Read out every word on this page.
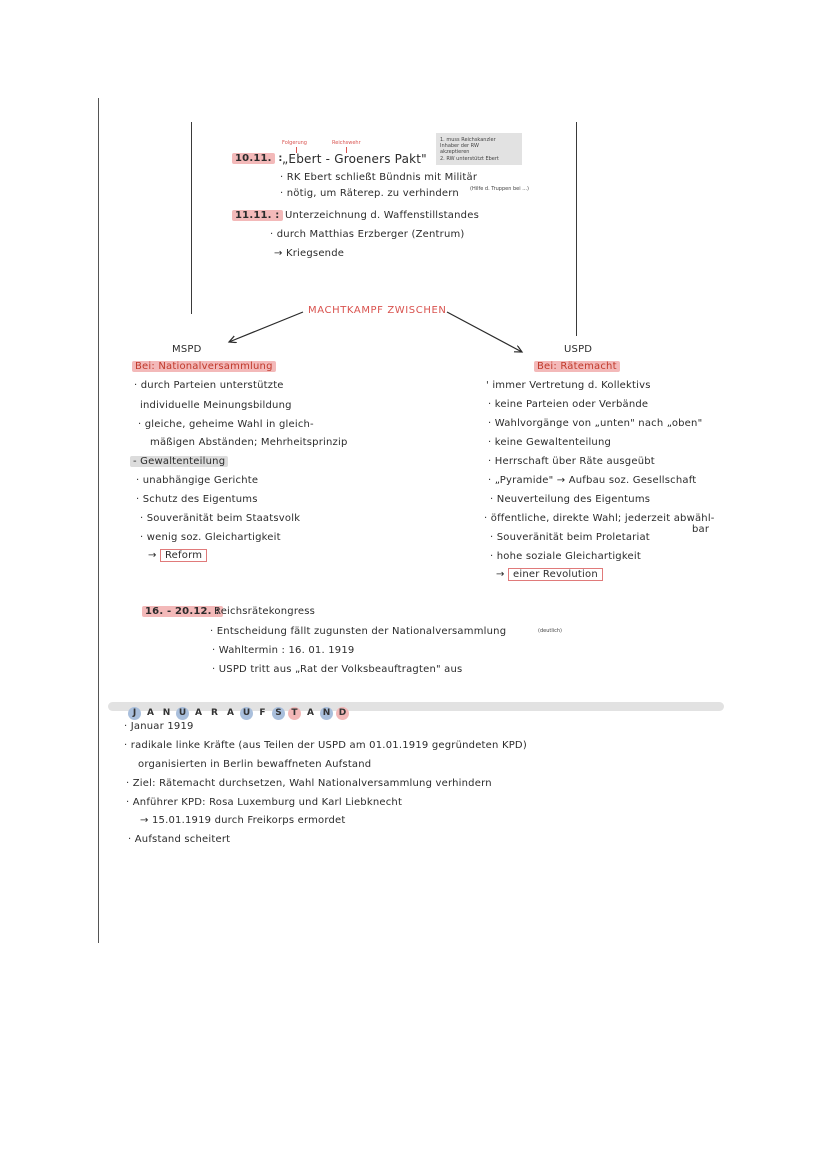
Folgerung	Reichswehr
10.11. : „Ebert - Groeners Pakt"
· RK Ebert schließt Bündnis mit Militär
· nötig, um Räterep. zu verhindern (Hilfe d. Truppen bei ...)
1. muss Reichskanzler
Inhaber der RW
akzeptieren
2. RW unterstützt Ebert
11.11. : Unterzeichnung d. Waffenstillstandes
· durch Matthias Erzberger (Zentrum)
→ Kriegsende
MACHTKAMPF ZWISCHEN
MSPD
Bei: Nationalversammlung
· durch Parteien unterstützte
individuelle Meinungsbildung
· gleiche, geheime Wahl in gleich-
mäßigen Abständen; Mehrheitsprinzip
- Gewaltenteilung
· unabhängige Gerichte
· Schutz des Eigentums
· Souveränität beim Staatsvolk
· wenig soz. Gleichartigkeit
→ Reform
USPD
Bei: Rätemacht
' immer Vertretung d. Kollektivs
· keine Parteien oder Verbände
· Wahlvorgänge von „unten" nach „oben"
· keine Gewaltenteilung
· Herrschaft über Räte ausgeübt
· „Pyramide" → Aufbau soz. Gesellschaft
· Neuverteilung des Eigentums
· öffentliche, direkte Wahl; jederzeit abwähl-
bar
· Souveränität beim Proletariat
· hohe soziale Gleichartigkeit
→ einer Revolution
16. - 20.12. :
Reichsrätekongress
· Entscheidung fällt zugunsten der Nationalversammlung	(deutlich)
· Wahltermin : 16. 01. 1919
· USPD tritt aus „Rat der Volksbeauftragten" aus
J A N U A R A U F S T A N D
· Januar 1919
· radikale linke Kräfte (aus Teilen der USPD am 01.01.1919 gegründeten KPD)
organisierten in Berlin bewaffneten Aufstand
· Ziel: Rätemacht durchsetzen, Wahl Nationalversammlung verhindern
· Anführer KPD: Rosa Luxemburg und Karl Liebknecht
→ 15.01.1919 durch Freikorps ermordet
· Aufstand scheitert
